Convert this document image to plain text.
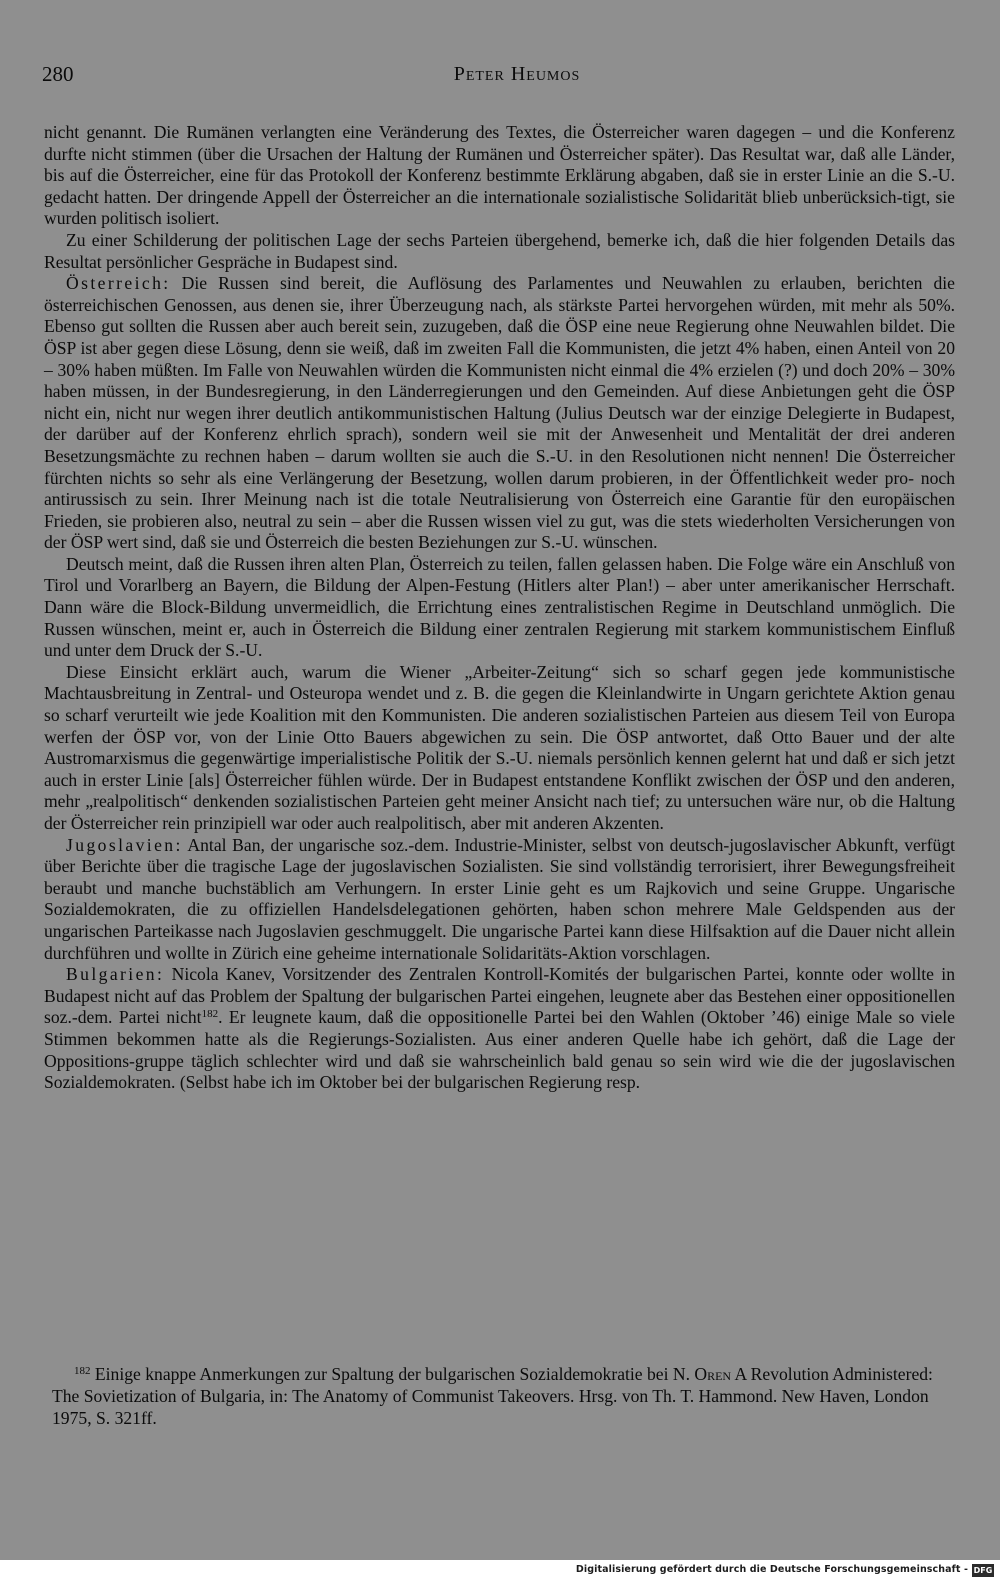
280	Peter Heumos

nicht genannt. Die Rumänen verlangten eine Veränderung des Textes, die Österreicher waren dagegen – und die Konferenz durfte nicht stimmen (über die Ursachen der Haltung der Rumänen und Österreicher später). Das Resultat war, daß alle Länder, bis auf die Österreicher, eine für das Protokoll der Konferenz bestimmte Erklärung abgaben, daß sie in erster Linie an die S.-U. gedacht hatten. Der dringende Appell der Österreicher an die internationale sozialistische Solidarität blieb unberücksich-tigt, sie wurden politisch isoliert.

Zu einer Schilderung der politischen Lage der sechs Parteien übergehend, bemerke ich, daß die hier folgenden Details das Resultat persönlicher Gespräche in Budapest sind.

Österreich: Die Russen sind bereit, die Auflösung des Parlamentes und Neuwahlen zu erlauben, berichten die österreichischen Genossen, aus denen sie, ihrer Überzeugung nach, als stärkste Partei hervorgehen würden, mit mehr als 50%. Ebenso gut sollten die Russen aber auch bereit sein, zuzugeben, daß die ÖSP eine neue Regierung ohne Neuwahlen bildet. Die ÖSP ist aber gegen diese Lösung, denn sie weiß, daß im zweiten Fall die Kommunisten, die jetzt 4% haben, einen Anteil von 20 – 30% haben müßten. Im Falle von Neuwahlen würden die Kommunisten nicht einmal die 4% erzielen (?) und doch 20% – 30% haben müssen, in der Bundesregierung, in den Länderregierungen und den Gemeinden. Auf diese Anbietungen geht die ÖSP nicht ein, nicht nur wegen ihrer deutlich antikommunistischen Haltung (Julius Deutsch war der einzige Delegierte in Budapest, der darüber auf der Konferenz ehrlich sprach), sondern weil sie mit der Anwesenheit und Mentalität der drei anderen Besetzungsmächte zu rechnen haben – darum wollten sie auch die S.-U. in den Resolutionen nicht nennen! Die Österreicher fürchten nichts so sehr als eine Verlängerung der Besetzung, wollen darum probieren, in der Öffentlichkeit weder pro- noch antirussisch zu sein. Ihrer Meinung nach ist die totale Neutralisierung von Österreich eine Garantie für den europäischen Frieden, sie probieren also, neutral zu sein – aber die Russen wissen viel zu gut, was die stets wiederholten Versicherungen von der ÖSP wert sind, daß sie und Österreich die besten Beziehungen zur S.-U. wünschen.

Deutsch meint, daß die Russen ihren alten Plan, Österreich zu teilen, fallen gelassen haben. Die Folge wäre ein Anschluß von Tirol und Vorarlberg an Bayern, die Bildung der Alpen-Festung (Hitlers alter Plan!) – aber unter amerikanischer Herrschaft. Dann wäre die Block-Bildung unvermeidlich, die Errichtung eines zentralistischen Regime in Deutschland unmöglich. Die Russen wünschen, meint er, auch in Österreich die Bildung einer zentralen Regierung mit starkem kommunistischem Einfluß und unter dem Druck der S.-U.

Diese Einsicht erklärt auch, warum die Wiener „Arbeiter-Zeitung“ sich so scharf gegen jede kommunistische Machtausbreitung in Zentral- und Osteuropa wendet und z. B. die gegen die Kleinlandwirte in Ungarn gerichtete Aktion genau so scharf verurteilt wie jede Koalition mit den Kommunisten. Die anderen sozialistischen Parteien aus diesem Teil von Europa werfen der ÖSP vor, von der Linie Otto Bauers abgewichen zu sein. Die ÖSP antwortet, daß Otto Bauer und der alte Austromarxismus die gegenwärtige imperialistische Politik der S.-U. niemals persönlich kennen gelernt hat und daß er sich jetzt auch in erster Linie [als] Österreicher fühlen würde. Der in Budapest entstandene Konflikt zwischen der ÖSP und den anderen, mehr „realpolitisch“ denkenden sozialistischen Parteien geht meiner Ansicht nach tief; zu untersuchen wäre nur, ob die Haltung der Österreicher rein prinzipiell war oder auch realpolitisch, aber mit anderen Akzenten.

Jugoslavien: Antal Ban, der ungarische soz.-dem. Industrie-Minister, selbst von deutsch-jugoslavischer Abkunft, verfügt über Berichte über die tragische Lage der jugoslavischen Sozialisten. Sie sind vollständig terrorisiert, ihrer Bewegungsfreiheit beraubt und manche buchstäblich am Verhungern. In erster Linie geht es um Rajkovich und seine Gruppe. Ungarische Sozialdemokraten, die zu offiziellen Handelsdelegationen gehörten, haben schon mehrere Male Geldspenden aus der ungarischen Parteikasse nach Jugoslavien geschmuggelt. Die ungarische Partei kann diese Hilfsaktion auf die Dauer nicht allein durchführen und wollte in Zürich eine geheime internationale Solidaritäts-Aktion vorschlagen.

Bulgarien: Nicola Kanev, Vorsitzender des Zentralen Kontroll-Komités der bulgarischen Partei, konnte oder wollte in Budapest nicht auf das Problem der Spaltung der bulgarischen Partei eingehen, leugnete aber das Bestehen einer oppositionellen soz.-dem. Partei nicht$^{182}$. Er leugnete kaum, daß die oppositionelle Partei bei den Wahlen (Oktober ’46) einige Male so viele Stimmen bekommen hatte als die Regierungs-Sozialisten. Aus einer anderen Quelle habe ich gehört, daß die Lage der Oppositions-gruppe täglich schlechter wird und daß sie wahrscheinlich bald genau so sein wird wie die der jugoslavischen Sozialdemokraten. (Selbst habe ich im Oktober bei der bulgarischen Regierung resp.

$^{182}$ Einige knappe Anmerkungen zur Spaltung der bulgarischen Sozialdemokratie bei N. Oren A Revolution Administered: The Sovietization of Bulgaria, in: The Anatomy of Communist Takeovers. Hrsg. von Th. T. Hammond. New Haven, London 1975, S. 321ff.

Digitalisierung gefördert durch die Deutsche Forschungsgemeinschaft - DFG
